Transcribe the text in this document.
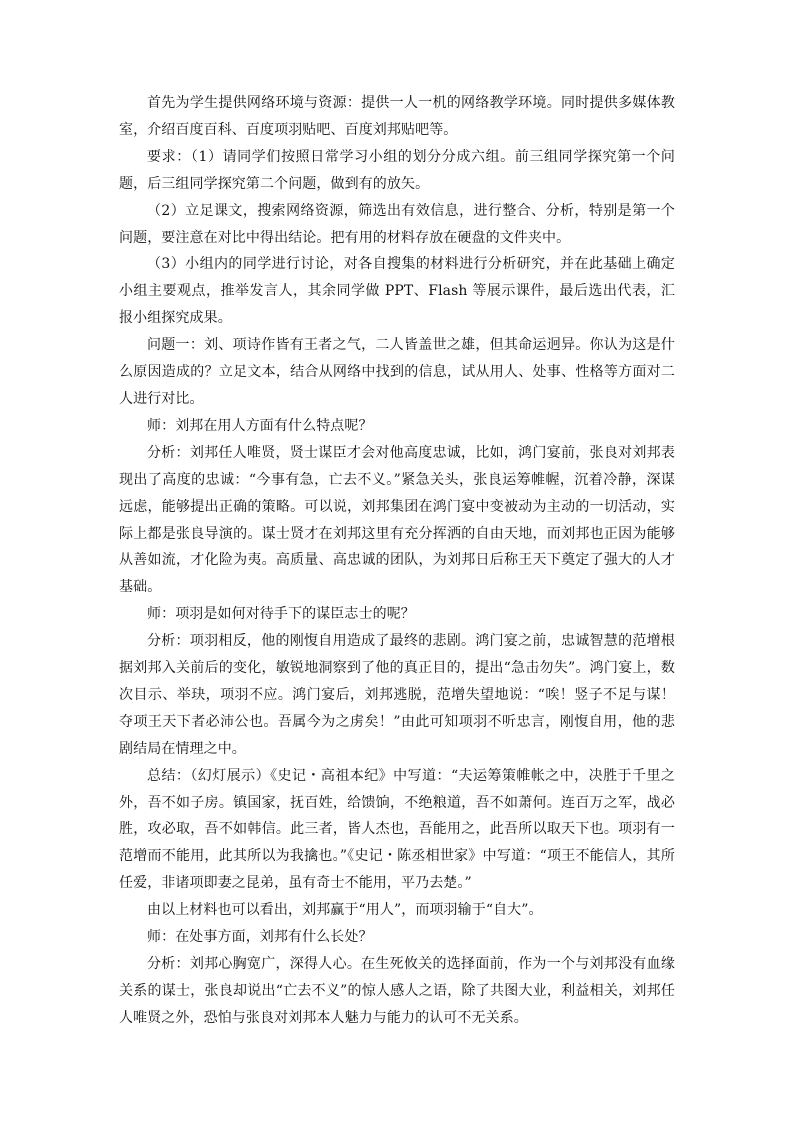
首先为学生提供网络环境与资源：提供一人一机的网络教学环境。同时提供多媒体教室，介绍百度百科、百度项羽贴吧、百度刘邦贴吧等。

要求：（1）请同学们按照日常学习小组的划分分成六组。前三组同学探究第一个问题，后三组同学探究第二个问题，做到有的放矢。

（2）立足课文，搜索网络资源，筛选出有效信息，进行整合、分析，特别是第一个问题，要注意在对比中得出结论。把有用的材料存放在硬盘的文件夹中。

（3）小组内的同学进行讨论，对各自搜集的材料进行分析研究，并在此基础上确定小组主要观点，推举发言人，其余同学做 PPT、Flash 等展示课件，最后选出代表，汇报小组探究成果。

问题一：刘、项诗作皆有王者之气，二人皆盖世之雄，但其命运迥异。你认为这是什么原因造成的？立足文本，结合从网络中找到的信息，试从用人、处事、性格等方面对二人进行对比。

师：刘邦在用人方面有什么特点呢？

分析：刘邦任人唯贤，贤士谋臣才会对他高度忠诚，比如，鸿门宴前，张良对刘邦表现出了高度的忠诚：“今事有急，亡去不义。”紧急关头，张良运筹帷幄，沉着冷静，深谋远虑，能够提出正确的策略。可以说，刘邦集团在鸿门宴中变被动为主动的一切活动，实际上都是张良导演的。谋士贤才在刘邦这里有充分挥洒的自由天地，而刘邦也正因为能够从善如流，才化险为夷。高质量、高忠诚的团队，为刘邦日后称王天下奠定了强大的人才基础。

师：项羽是如何对待手下的谋臣志士的呢？

分析：项羽相反，他的刚愎自用造成了最终的悲剧。鸿门宴之前，忠诚智慧的范增根据刘邦入关前后的变化，敏锐地洞察到了他的真正目的，提出“急击勿失”。鸿门宴上，数次目示、举玦，项羽不应。鸿门宴后，刘邦逃脱，范增失望地说：“唉！竖子不足与谋！夺项王天下者必沛公也。吾属今为之虏矣！”由此可知项羽不听忠言，刚愎自用，他的悲剧结局在情理之中。

总结：（幻灯展示）《史记・高祖本纪》中写道：“夫运筹策帷帐之中，决胜于千里之外，吾不如子房。镇国家，抚百姓，给馈饷，不绝粮道，吾不如萧何。连百万之军，战必胜，攻必取，吾不如韩信。此三者，皆人杰也，吾能用之，此吾所以取天下也。项羽有一范增而不能用，此其所以为我擒也。”《史记・陈丞相世家》中写道：“项王不能信人，其所任爱，非诸项即妻之昆弟，虽有奇士不能用，平乃去楚。”

由以上材料也可以看出，刘邦赢于“用人”，而项羽输于“自大”。

师：在处事方面，刘邦有什么长处？

分析：刘邦心胸宽广，深得人心。在生死攸关的选择面前，作为一个与刘邦没有血缘关系的谋士，张良却说出“亡去不义”的惊人感人之语，除了共图大业，利益相关，刘邦任人唯贤之外，恐怕与张良对刘邦本人魅力与能力的认可不无关系。
